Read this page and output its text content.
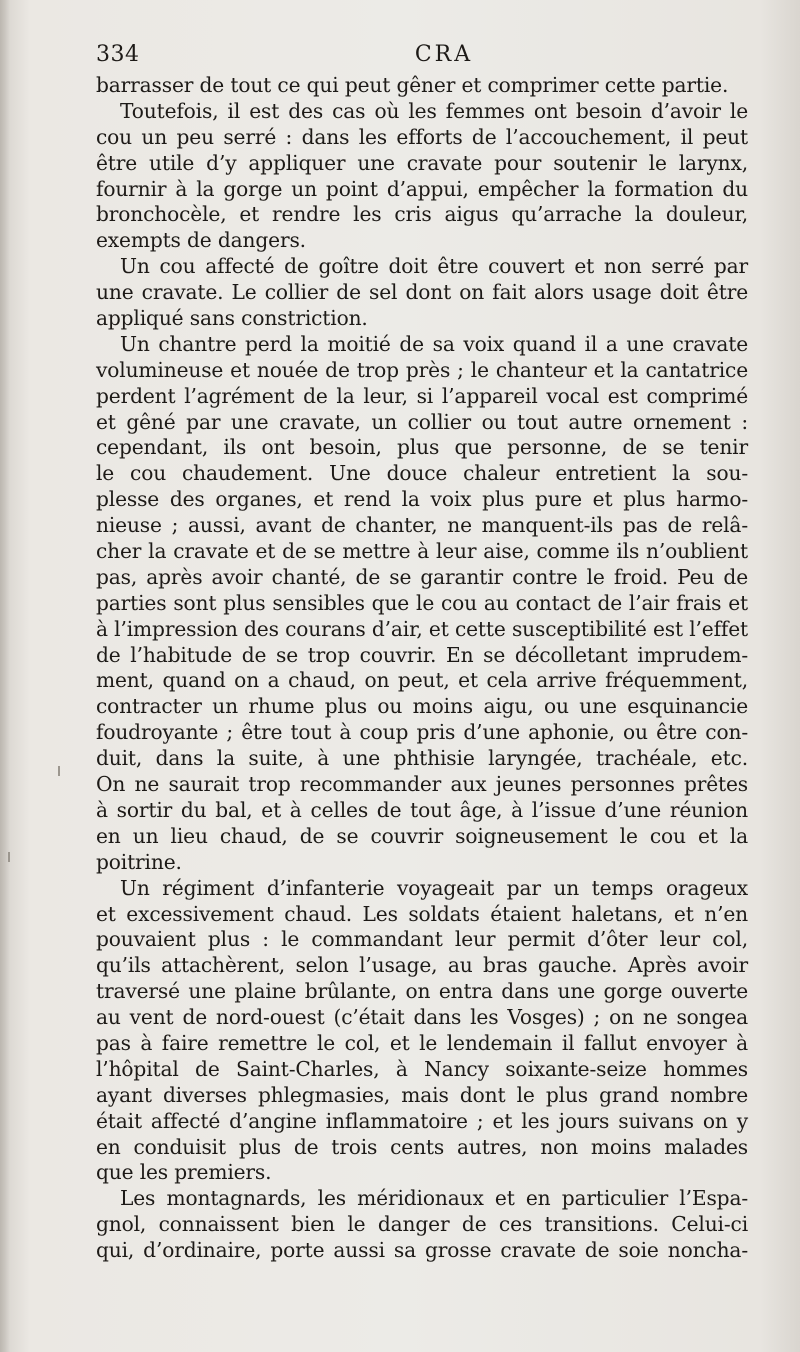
334	CRA
barrasser de tout ce qui peut gêner et comprimer cette partie.
Toutefois, il est des cas où les femmes ont besoin d’avoir le
cou un peu serré : dans les efforts de l’accouchement, il peut
être utile d’y appliquer une cravate pour soutenir le larynx,
fournir à la gorge un point d’appui, empêcher la formation du
bronchocèle, et rendre les cris aigus qu’arrache la douleur,
exempts de dangers.
Un cou affecté de goître doit être couvert et non serré par
une cravate. Le collier de sel dont on fait alors usage doit être
appliqué sans constriction.
Un chantre perd la moitié de sa voix quand il a une cravate
volumineuse et nouée de trop près ; le chanteur et la cantatrice
perdent l’agrément de la leur, si l’appareil vocal est comprimé
et gêné par une cravate, un collier ou tout autre ornement :
cependant, ils ont besoin, plus que personne, de se tenir
le cou chaudement. Une douce chaleur entretient la sou-
plesse des organes, et rend la voix plus pure et plus harmo-
nieuse ; aussi, avant de chanter, ne manquent-ils pas de relâ-
cher la cravate et de se mettre à leur aise, comme ils n’oublient
pas, après avoir chanté, de se garantir contre le froid. Peu de
parties sont plus sensibles que le cou au contact de l’air frais et
à l’impression des courans d’air, et cette susceptibilité est l’effet
de l’habitude de se trop couvrir. En se décolletant imprudem-
ment, quand on a chaud, on peut, et cela arrive fréquemment,
contracter un rhume plus ou moins aigu, ou une esquinancie
foudroyante ; être tout à coup pris d’une aphonie, ou être con-
duit, dans la suite, à une phthisie laryngée, trachéale, etc.
On ne saurait trop recommander aux jeunes personnes prêtes
à sortir du bal, et à celles de tout âge, à l’issue d’une réunion
en un lieu chaud, de se couvrir soigneusement le cou et la
poitrine.
Un régiment d’infanterie voyageait par un temps orageux
et excessivement chaud. Les soldats étaient haletans, et n’en
pouvaient plus : le commandant leur permit d’ôter leur col,
qu’ils attachèrent, selon l’usage, au bras gauche. Après avoir
traversé une plaine brûlante, on entra dans une gorge ouverte
au vent de nord-ouest (c’était dans les Vosges) ; on ne songea
pas à faire remettre le col, et le lendemain il fallut envoyer à
l’hôpital de Saint-Charles, à Nancy soixante-seize hommes
ayant diverses phlegmasies, mais dont le plus grand nombre
était affecté d’angine inflammatoire ; et les jours suivans on y
en conduisit plus de trois cents autres, non moins malades
que les premiers.
Les montagnards, les méridionaux et en particulier l’Espa-
gnol, connaissent bien le danger de ces transitions. Celui-ci
qui, d’ordinaire, porte aussi sa grosse cravate de soie noncha-
